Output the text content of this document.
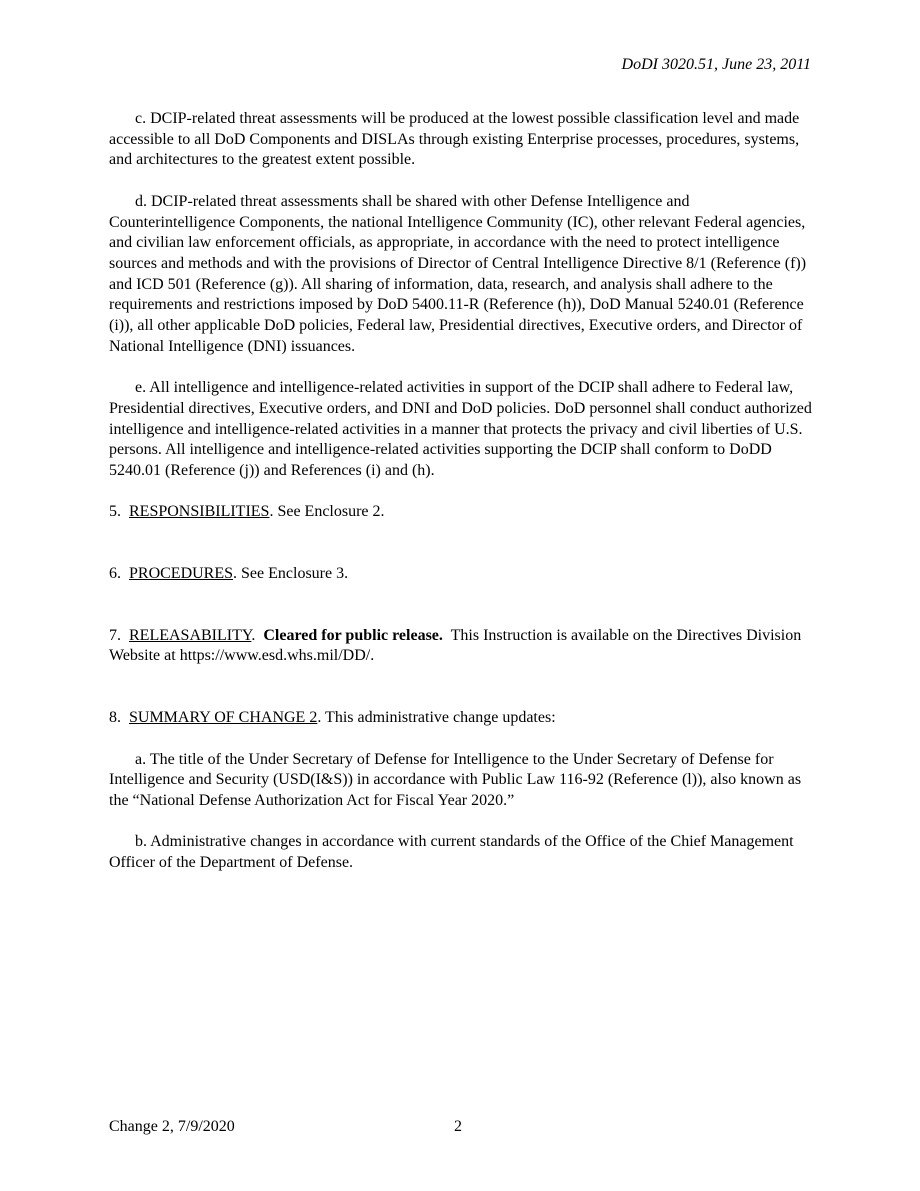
DoDI 3020.51, June 23, 2011

c. DCIP-related threat assessments will be produced at the lowest possible classification level and made accessible to all DoD Components and DISLAs through existing Enterprise processes, procedures, systems, and architectures to the greatest extent possible.

d. DCIP-related threat assessments shall be shared with other Defense Intelligence and Counterintelligence Components, the national Intelligence Community (IC), other relevant Federal agencies, and civilian law enforcement officials, as appropriate, in accordance with the need to protect intelligence sources and methods and with the provisions of Director of Central Intelligence Directive 8/1 (Reference (f)) and ICD 501 (Reference (g)). All sharing of information, data, research, and analysis shall adhere to the requirements and restrictions imposed by DoD 5400.11-R (Reference (h)), DoD Manual 5240.01 (Reference (i)), all other applicable DoD policies, Federal law, Presidential directives, Executive orders, and Director of National Intelligence (DNI) issuances.

e. All intelligence and intelligence-related activities in support of the DCIP shall adhere to Federal law, Presidential directives, Executive orders, and DNI and DoD policies. DoD personnel shall conduct authorized intelligence and intelligence-related activities in a manner that protects the privacy and civil liberties of U.S. persons. All intelligence and intelligence-related activities supporting the DCIP shall conform to DoDD 5240.01 (Reference (j)) and References (i) and (h).

5. RESPONSIBILITIES. See Enclosure 2.

6. PROCEDURES. See Enclosure 3.

7. RELEASABILITY.  Cleared for public release.  This Instruction is available on the Directives Division Website at https://www.esd.whs.mil/DD/.

8. SUMMARY OF CHANGE 2. This administrative change updates:

a. The title of the Under Secretary of Defense for Intelligence to the Under Secretary of Defense for Intelligence and Security (USD(I&S)) in accordance with Public Law 116-92 (Reference (l)), also known as the “National Defense Authorization Act for Fiscal Year 2020.”

b. Administrative changes in accordance with current standards of the Office of the Chief Management Officer of the Department of Defense.

Change 2, 7/9/2020	2
